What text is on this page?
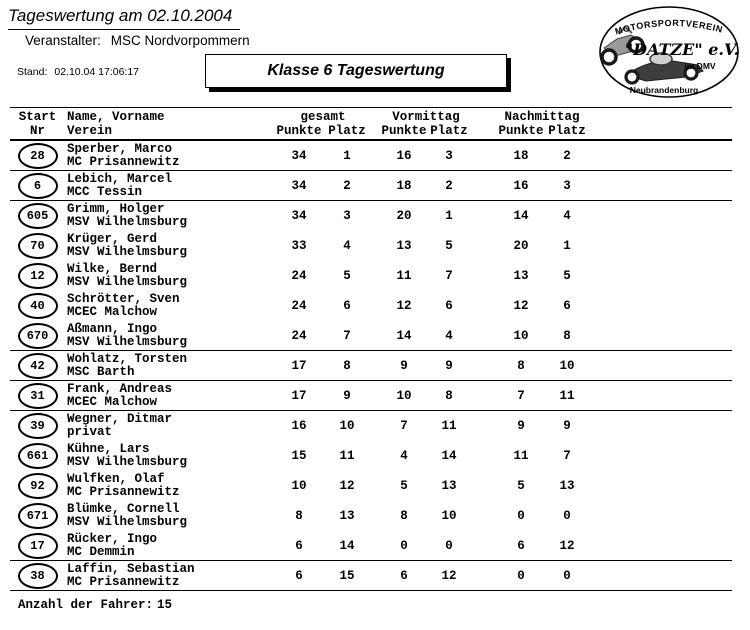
Tageswertung am 02.10.2004
Veranstalter: MSC Nordvorpommern
Stand: 02.10.04 17:06:17	Klasse 6 Tageswertung
MOTORSPORTVEREIN
"DATZE" e.V.
im DMV
Neubrandenburg
Start
Nr
Name, Vorname
Verein
gesamt
Punkte Platz
Vormittag
Punkte Platz
Nachmittag
Punkte Platz
28	Sperber, Marco
MC Prisannewitz	34	1	16	3	18	2
6	Lebich, Marcel
MCC Tessin	34	2	18	2	16	3
605	Grimm, Holger
MSV Wilhelmsburg	34	3	20	1	14	4
70	Krüger, Gerd
MSV Wilhelmsburg	33	4	13	5	20	1
12	Wilke, Bernd
MSV Wilhelmsburg	24	5	11	7	13	5
40	Schrötter, Sven
MCEC Malchow	24	6	12	6	12	6
670	Aßmann, Ingo
MSV Wilhelmsburg	24	7	14	4	10	8
42	Wohlatz, Torsten
MSC Barth	17	8	9	9	8	10
31	Frank, Andreas
MCEC Malchow	17	9	10	8	7	11
39	Wegner, Ditmar
privat	16	10	7	11	9	9
661	Kühne, Lars
MSV Wilhelmsburg	15	11	4	14	11	7
92	Wulfken, Olaf
MC Prisannewitz	10	12	5	13	5	13
671	Blümke, Cornell
MSV Wilhelmsburg	8	13	8	10	0	0
17	Rücker, Ingo
MC Demmin	6	14	0	0	6	12
38	Laffin, Sebastian
MC Prisannewitz	6	15	6	12	0	0
Anzahl der Fahrer: 15
